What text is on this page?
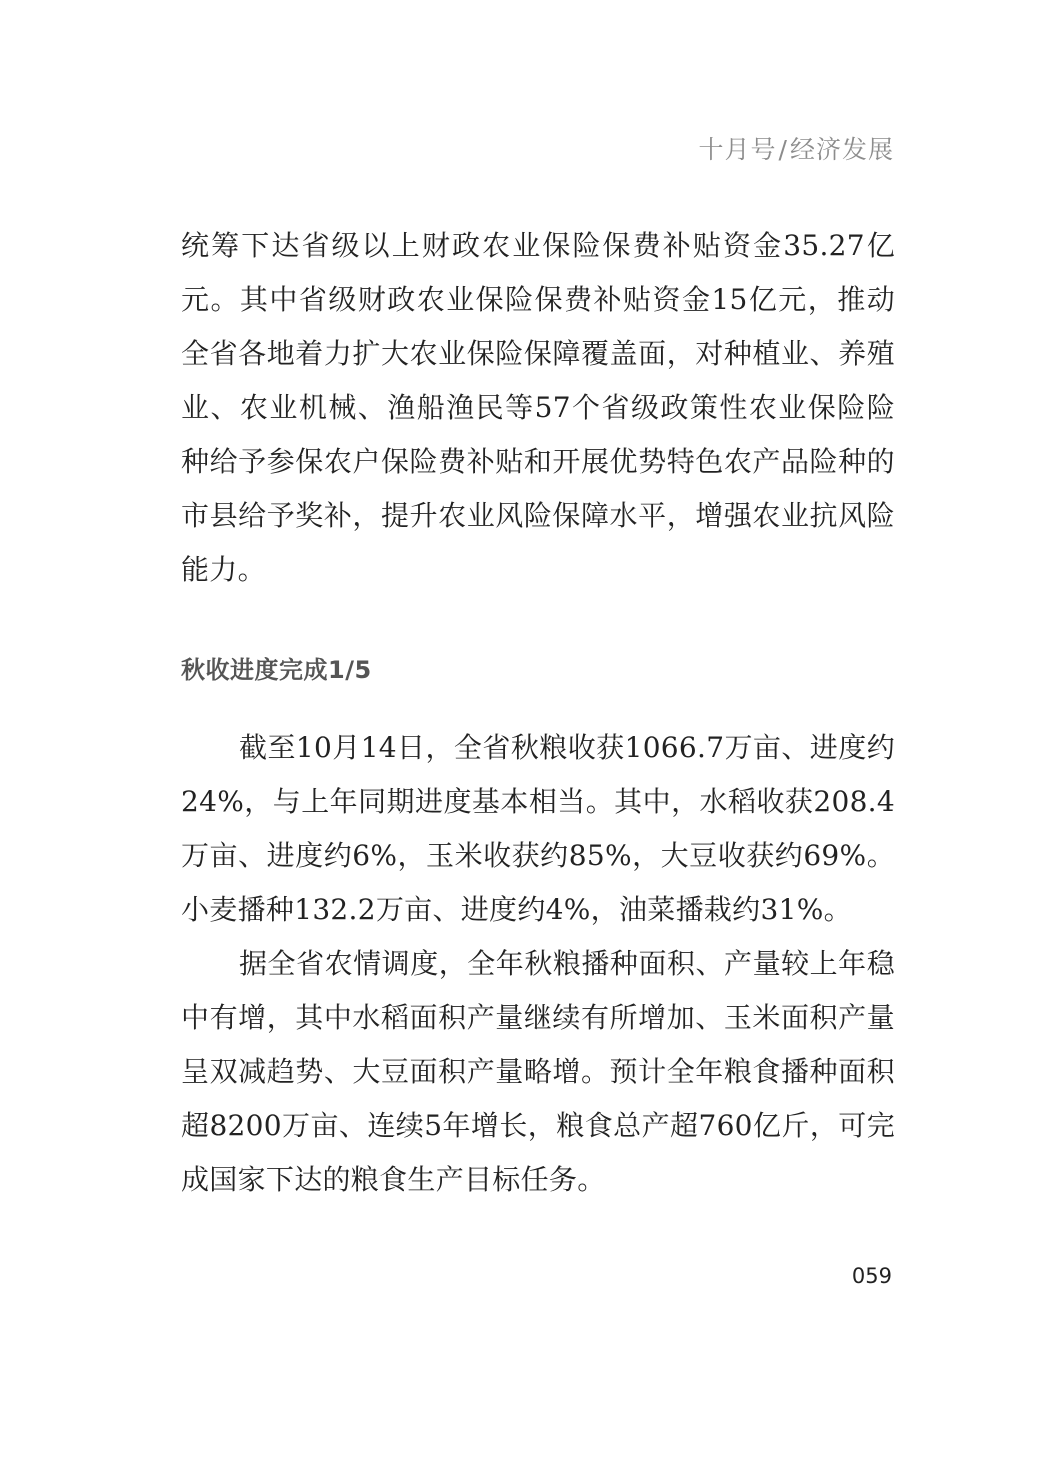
十月号/经济发展

统筹下达省级以上财政农业保险保费补贴资金35.27亿元。其中省级财政农业保险保费补贴资金15亿元，推动全省各地着力扩大农业保险保障覆盖面，对种植业、养殖业、农业机械、渔船渔民等57个省级政策性农业保险险种给予参保农户保险费补贴和开展优势特色农产品险种的市县给予奖补，提升农业风险保障水平，增强农业抗风险能力。

秋收进度完成1/5

截至10月14日，全省秋粮收获1066.7万亩、进度约24%，与上年同期进度基本相当。其中，水稻收获208.4万亩、进度约6%，玉米收获约85%，大豆收获约69%。小麦播种132.2万亩、进度约4%，油菜播栽约31%。

据全省农情调度，全年秋粮播种面积、产量较上年稳中有增，其中水稻面积产量继续有所增加、玉米面积产量呈双减趋势、大豆面积产量略增。预计全年粮食播种面积超8200万亩、连续5年增长，粮食总产超760亿斤，可完成国家下达的粮食生产目标任务。

059
